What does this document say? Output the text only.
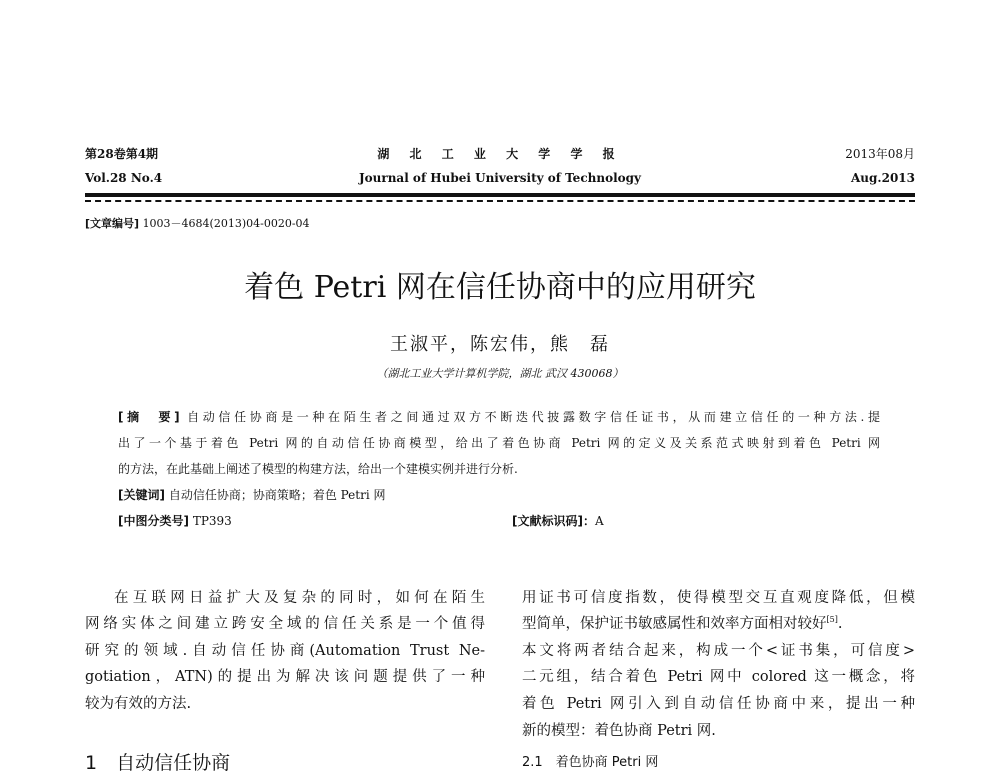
第28卷第4期
Vol.28 No.4
湖 北 工 业 大 学 学 报
Journal of Hubei University of Technology
2013年08月
Aug.2013
[文章编号] 1003－4684(2013)04-0020-04
着色 Petri 网在信任协商中的应用研究
王淑平，陈宏伟，熊　磊
（湖北工业大学计算机学院，湖北 武汉 430068）
[摘　要] 自动信任协商是一种在陌生者之间通过双方不断迭代披露数字信任证书，从而建立信任的一种方法.提
出了一个基于着色 Petri 网的自动信任协商模型，给出了着色协商 Petri 网的定义及关系范式映射到着色 Petri 网
的方法，在此基础上阐述了模型的构建方法，给出一个建模实例并进行分析.
[关键词] 自动信任协商；协商策略；着色 Petri 网
[中图分类号] TP393	[文献标识码]：A
在互联网日益扩大及复杂的同时，如何在陌生
网络实体之间建立跨安全域的信任关系是一个值得
研究的领域.自动信任协商(Automation Trust Ne-
gotiation，ATN)的提出为解决该问题提供了一种
较为有效的方法.
1　自动信任协商
用证书可信度指数，使得模型交互直观度降低，但模
型简单，保护证书敏感属性和效率方面相对较好[5].
本文将两者结合起来，构成一个<证书集，可信度>
二元组，结合着色 Petri 网中 colored 这一概念，将
着色 Petri 网引入到自动信任协商中来，提出一种
新的模型：着色协商 Petri 网.
2.1　着色协商 Petri 网
